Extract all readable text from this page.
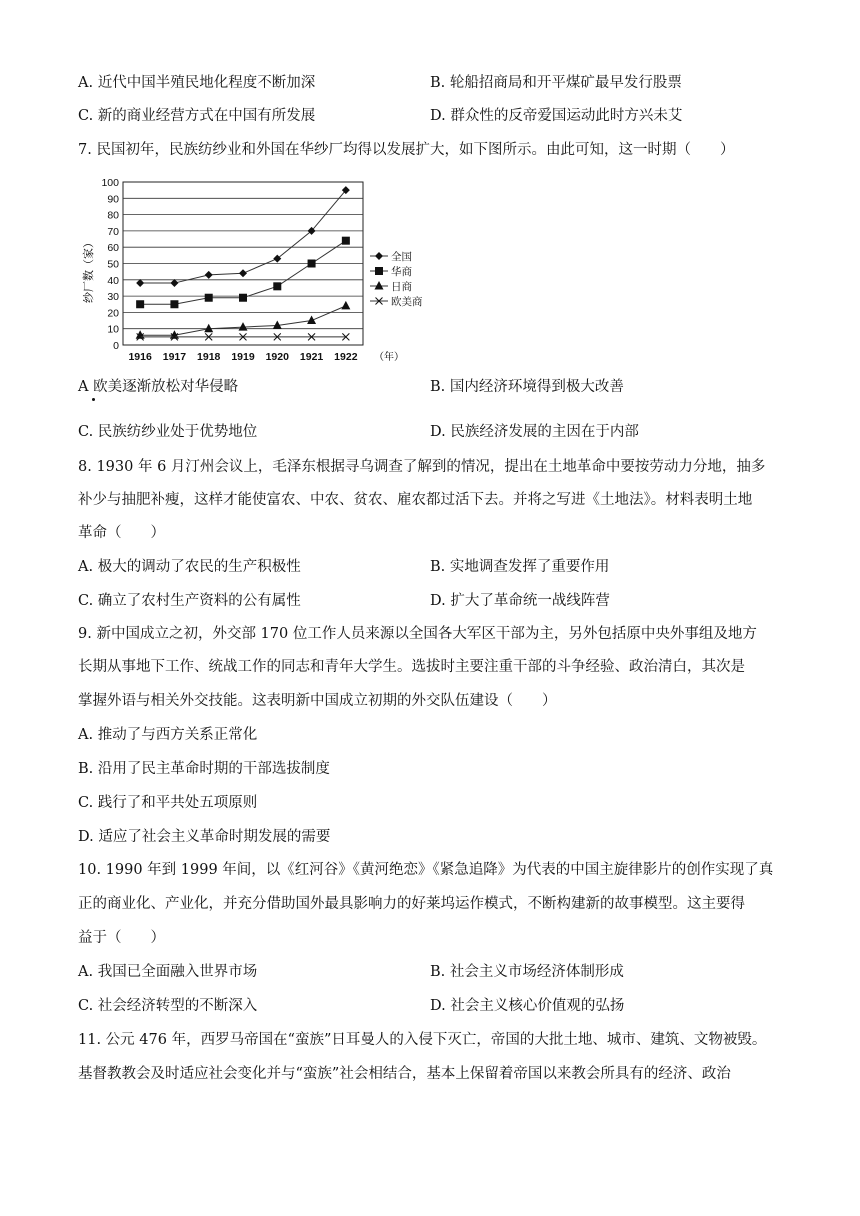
A. 近代中国半殖民地化程度不断加深	B. 轮船招商局和开平煤矿最早发行股票
C. 新的商业经营方式在中国有所发展	D. 群众性的反帝爱国运动此时方兴未艾
7. 民国初年，民族纺纱业和外国在华纱厂均得以发展扩大，如下图所示。由此可知，这一时期（　　）
0
10
20
30
40
50
60
70
80
90
100
1916 1917 1918 1919 1920 1921 1922
全国
华商
日商
欧美商
纱厂数（家）
（年）
A 欧美逐渐放松对华侵略	B. 国内经济环境得到极大改善
C. 民族纺纱业处于优势地位	D. 民族经济发展的主因在于内部
8. 1930 年 6 月汀州会议上，毛泽东根据寻乌调查了解到的情况，提出在土地革命中要按劳动力分地，抽多
补少与抽肥补瘦，这样才能使富农、中农、贫农、雇农都过活下去。并将之写进《土地法》。材料表明土地
革命（　　）
A. 极大的调动了农民的生产积极性	B. 实地调查发挥了重要作用
C. 确立了农村生产资料的公有属性	D. 扩大了革命统一战线阵营
9. 新中国成立之初，外交部 170 位工作人员来源以全国各大军区干部为主，另外包括原中央外事组及地方
长期从事地下工作、统战工作的同志和青年大学生。选拔时主要注重干部的斗争经验、政治清白，其次是
掌握外语与相关外交技能。这表明新中国成立初期的外交队伍建设（　　）
A. 推动了与西方关系正常化
B. 沿用了民主革命时期的干部选拔制度
C. 践行了和平共处五项原则
D. 适应了社会主义革命时期发展的需要
10. 1990 年到 1999 年间，以《红河谷》《黄河绝恋》《紧急追降》为代表的中国主旋律影片的创作实现了真
正的商业化、产业化，并充分借助国外最具影响力的好莱坞运作模式，不断构建新的故事模型。这主要得
益于（　　）
A. 我国已全面融入世界市场	B. 社会主义市场经济体制形成
C. 社会经济转型的不断深入	D. 社会主义核心价值观的弘扬
11. 公元 476 年，西罗马帝国在“蛮族”日耳曼人的入侵下灭亡，帝国的大批土地、城市、建筑、文物被毁。
基督教教会及时适应社会变化并与“蛮族”社会相结合，基本上保留着帝国以来教会所具有的经济、政治
